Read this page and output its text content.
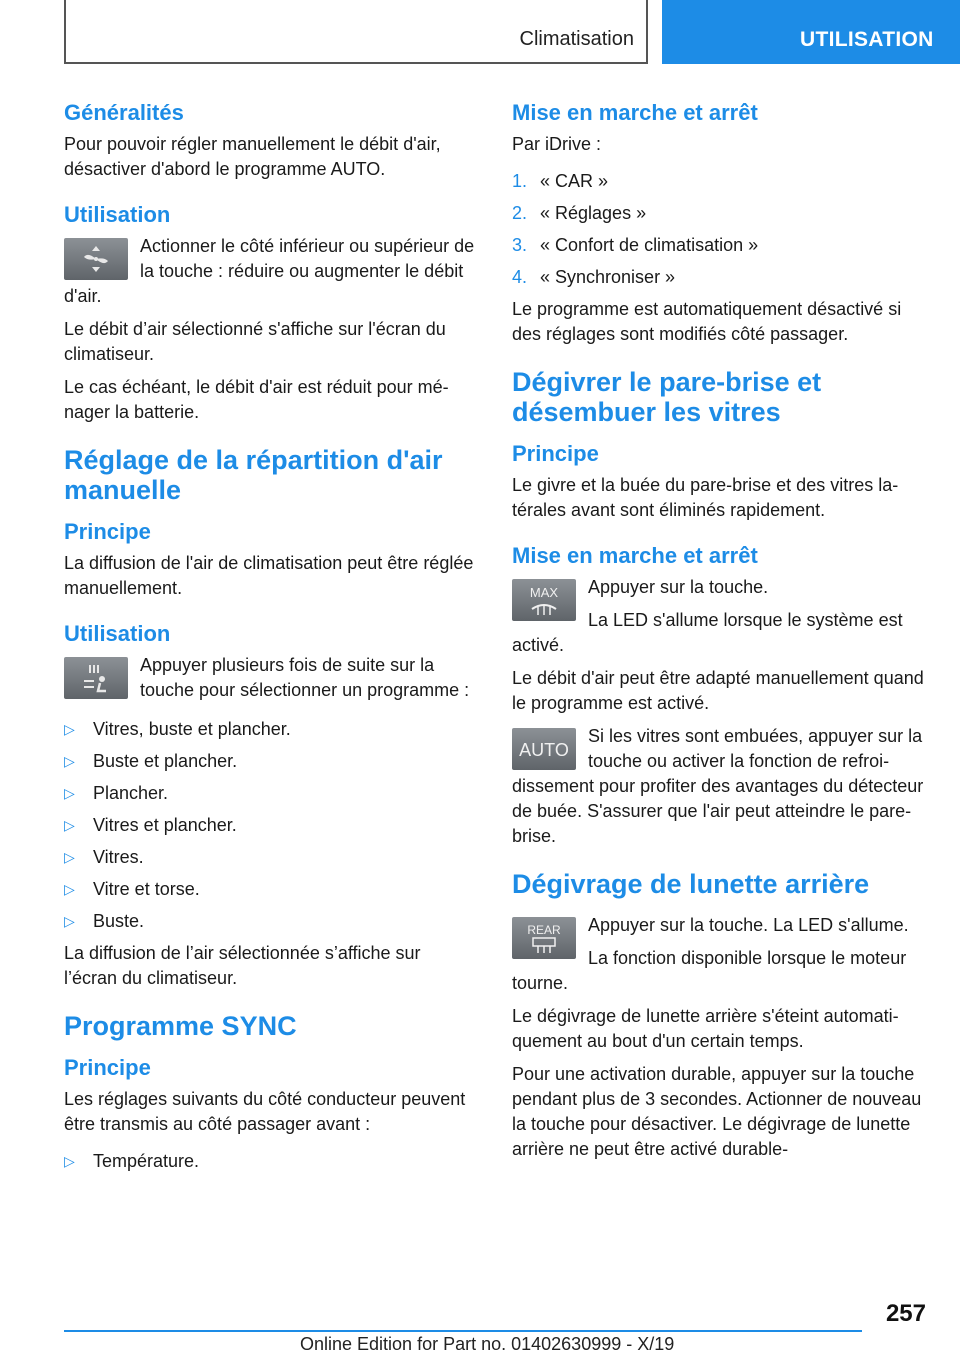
Climatisation	UTILISATION
Généralités
Pour pouvoir régler manuellement le débit d'air, désactiver d'abord le programme AUTO.
Utilisation
Actionner le côté inférieur ou supérieur de la touche : réduire ou augmenter le débit d'air.
Le débit d’air sélectionné s'affiche sur l'écran du climatiseur.
Le cas échéant, le débit d'air est réduit pour ménager la batterie.
Réglage de la répartition d'air manuelle
Principe
La diffusion de l'air de climatisation peut être réglée manuellement.
Utilisation
Appuyer plusieurs fois de suite sur la touche pour sélectionner un programme :
▷ Vitres, buste et plancher.
▷ Buste et plancher.
▷ Plancher.
▷ Vitres et plancher.
▷ Vitres.
▷ Vitre et torse.
▷ Buste.
La diffusion de l’air sélectionnée s’affiche sur l’écran du climatiseur.
Programme SYNC
Principe
Les réglages suivants du côté conducteur peuvent être transmis au côté passager avant :
▷ Température.
Mise en marche et arrêt
Par iDrive :
1. « CAR »
2. « Réglages »
3. « Confort de climatisation »
4. « Synchroniser »
Le programme est automatiquement désactivé si des réglages sont modifiés côté passager.
Dégivrer le pare-brise et désembuer les vitres
Principe
Le givre et la buée du pare-brise et des vitres latérales avant sont éliminés rapidement.
Mise en marche et arrêt
MAX	Appuyer sur la touche.
La LED s'allume lorsque le système est activé.
Le débit d'air peut être adapté manuellement quand le programme est activé.
AUTO
Si les vitres sont embuées, appuyer sur la touche ou activer la fonction de refroidissement pour profiter des avantages du détecteur de buée. S'assurer que l'air peut atteindre le pare-brise.
Dégivrage de lunette arrière
REAR	Appuyer sur la touche. La LED s'allume.
La fonction disponible lorsque le moteur tourne.
Le dégivrage de lunette arrière s'éteint automatiquement au bout d'un certain temps.
Pour une activation durable, appuyer sur la touche pendant plus de 3 secondes. Actionner de nouveau la touche pour désactiver. Le dégivrage de lunette arrière ne peut être activé durable-
257
Online Edition for Part no. 01402630999 - X/19
